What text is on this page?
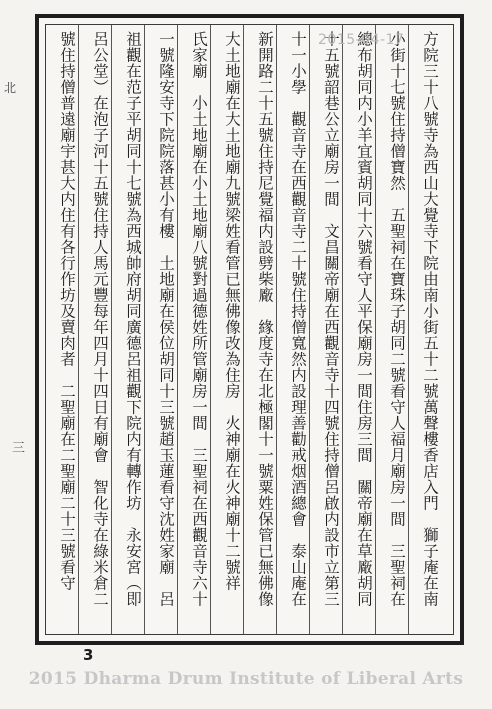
北
三	方院三十八號寺為西山大覺寺下院由南小街五十二號萬聲樓香店入門　獅子庵在南
小街十七號住持僧寶然　五聖祠在寶珠子胡同二號看守人福月廟房一間　三聖祠在
總布胡同内小羊宜賓胡同十六號看守人平保廟房一間住房三間　關帝廟在草廠胡同
十五號韶巷公立廟房一間　文昌關帝廟在西觀音寺十四號住持僧呂啟内設市立第三
十一小學　觀音寺在西觀音寺二十號住持僧寬然内設理善勸戒烟酒總會　泰山庵在
新開路二十五號住持尼覺福内設劈柴廠　緣度寺在北極閣十一號粟姓保管已無佛像
大土地廟在大土地廟九號梁姓看管已無佛像改為住房　火神廟在火神廟十二號祥
氏家廟　小土地廟在小土地廟八號對過德姓所管廟房一間　三聖祠在西觀音寺六十
一號隆安寺下院院落甚小有樓　土地廟在侯位胡同十三號趙玉蓮看守沈姓家廟　呂
祖觀在范子平胡同十七號為西城帥府胡同廣德呂祖觀下院内有轉作坊　永安宮（即
呂公堂）在泡子河十五號住持人馬元豐每年四月十四日有廟會　智化寺在綠米倉二
號住持僧普遠廟宇甚大内住有各行作坊及賣肉者　二聖廟在二聖廟二十三號看守	2015-04-17
3
2015 Dharma Drum Institute of Liberal Arts
